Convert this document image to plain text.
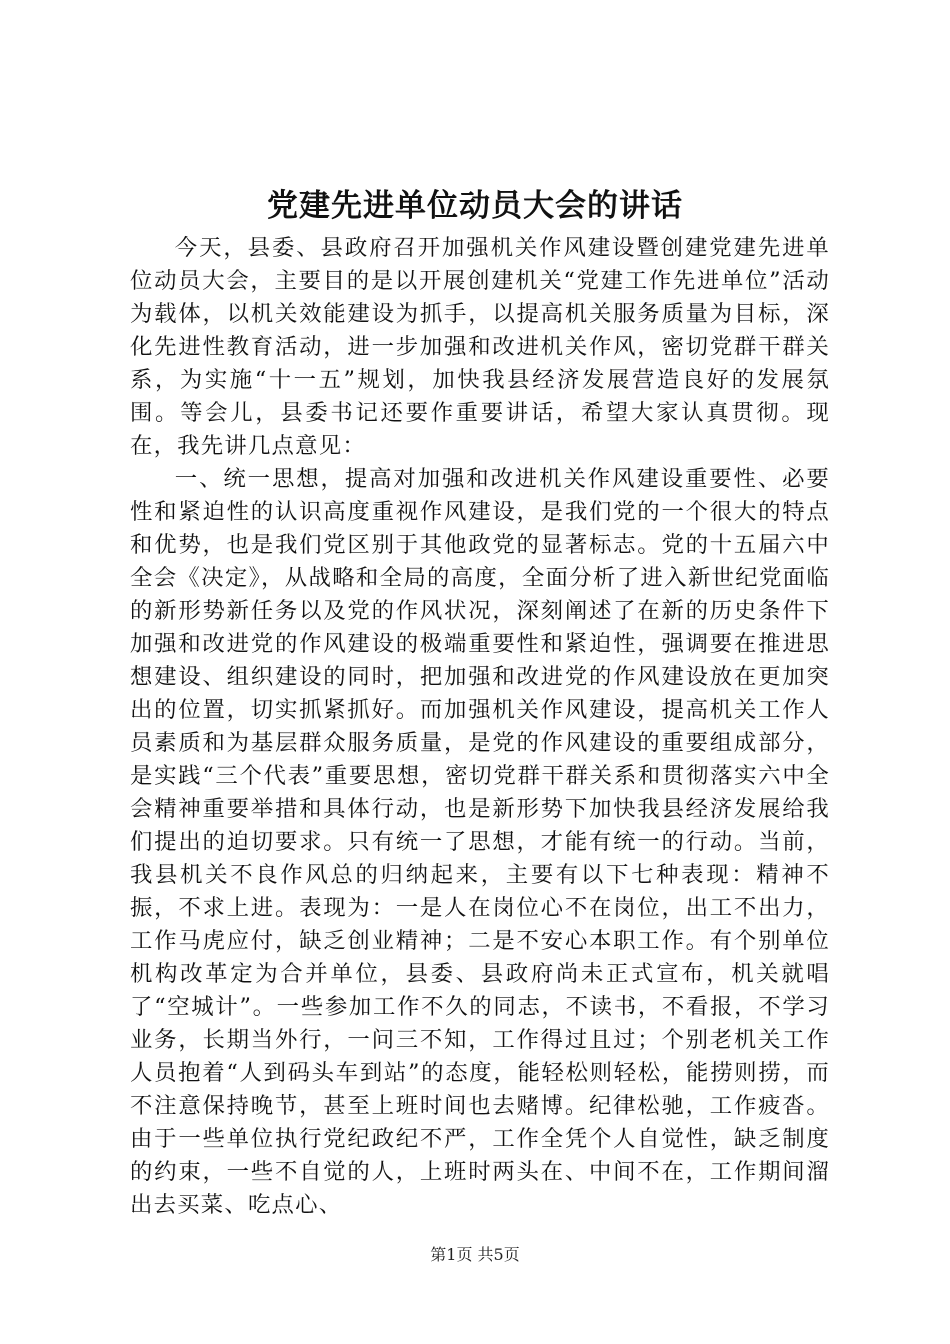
党建先进单位动员大会的讲话

今天，县委、县政府召开加强机关作风建设暨创建党建先进单位动员大会，主要目的是以开展创建机关“党建工作先进单位”活动为载体，以机关效能建设为抓手，以提高机关服务质量为目标，深化先进性教育活动，进一步加强和改进机关作风，密切党群干群关系，为实施“十一五”规划，加快我县经济发展营造良好的发展氛围。等会儿，县委书记还要作重要讲话，希望大家认真贯彻。现在，我先讲几点意见：

一、统一思想，提高对加强和改进机关作风建设重要性、必要性和紧迫性的认识高度重视作风建设，是我们党的一个很大的特点和优势，也是我们党区别于其他政党的显著标志。党的十五届六中全会《决定》，从战略和全局的高度，全面分析了进入新世纪党面临的新形势新任务以及党的作风状况，深刻阐述了在新的历史条件下加强和改进党的作风建设的极端重要性和紧迫性，强调要在推进思想建设、组织建设的同时，把加强和改进党的作风建设放在更加突出的位置，切实抓紧抓好。而加强机关作风建设，提高机关工作人员素质和为基层群众服务质量，是党的作风建设的重要组成部分，是实践“三个代表”重要思想，密切党群干群关系和贯彻落实六中全会精神重要举措和具体行动，也是新形势下加快我县经济发展给我们提出的迫切要求。只有统一了思想，才能有统一的行动。当前，我县机关不良作风总的归纳起来，主要有以下七种表现：精神不振，不求上进。表现为：一是人在岗位心不在岗位，出工不出力，工作马虎应付，缺乏创业精神；二是不安心本职工作。有个别单位机构改革定为合并单位，县委、县政府尚未正式宣布，机关就唱了“空城计”。一些参加工作不久的同志，不读书，不看报，不学习业务，长期当外行，一问三不知，工作得过且过；个别老机关工作人员抱着“人到码头车到站”的态度，能轻松则轻松，能捞则捞，而不注意保持晚节，甚至上班时间也去赌博。纪律松驰，工作疲沓。由于一些单位执行党纪政纪不严，工作全凭个人自觉性，缺乏制度的约束，一些不自觉的人，上班时两头在、中间不在，工作期间溜出去买菜、吃点心、

第1页 共5页
